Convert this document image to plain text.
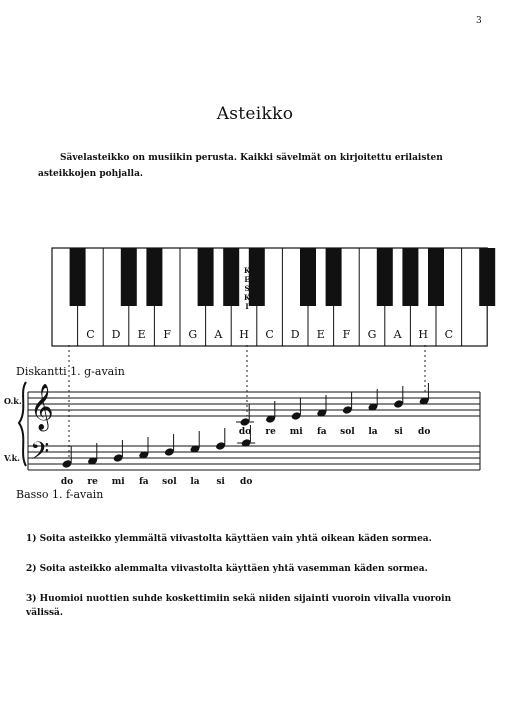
3
Asteikko
Sävelasteikko on musiikin perusta. Kaikki sävelmät on kirjoitettu erilaisten asteikkojen pohjalla.
C D E F G A H C D E F G A H C
K
E
S
K
I
Diskantti 1. g-avain
O.k.
V.k.
Basso 1. f-avain
𝄞
𝄢
do re mi fa sol la si do
do re mi fa sol la si do
1) Soita asteikko ylemmältä viivastolta käyttäen vain yhtä oikean käden sormea.
2) Soita asteikko alemmalta viivastolta käyttäen yhtä vasemman käden sormea.
3) Huomioi nuottien suhde koskettimiin sekä niiden sijainti vuoroin viivalla vuoroin välissä.
